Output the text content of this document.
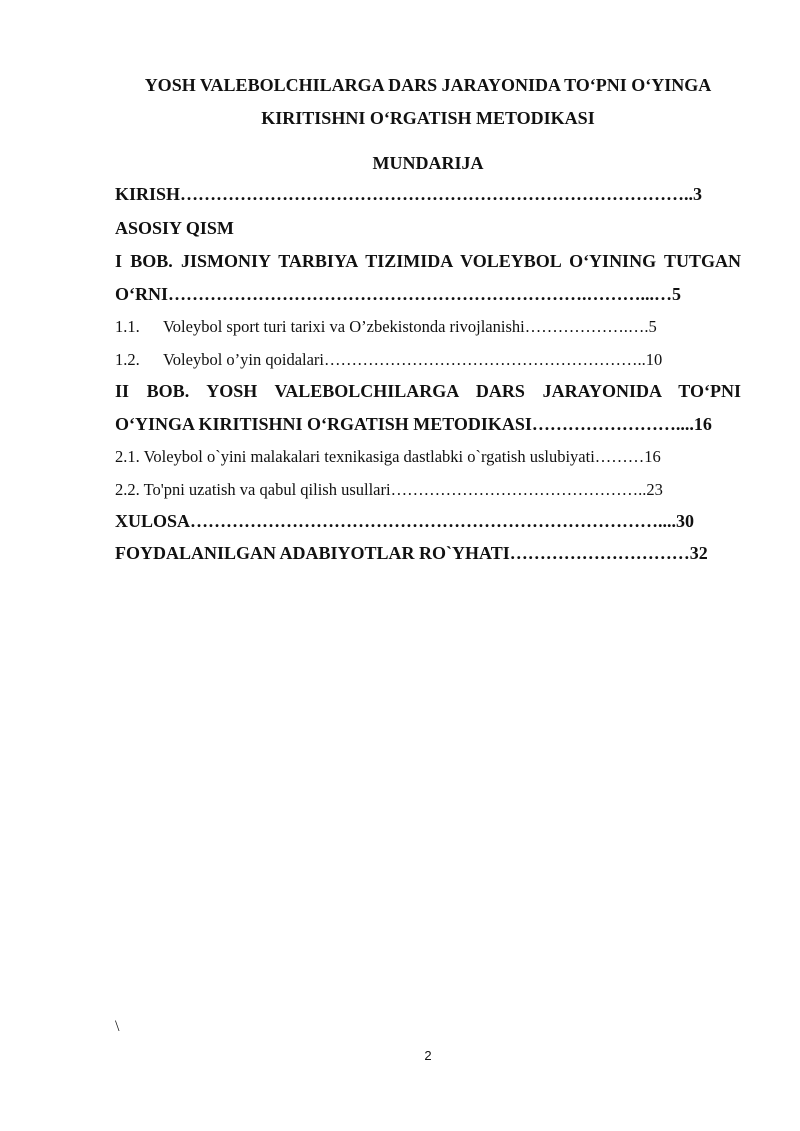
YOSH VALEBOLCHILARGA DARS JARAYONIDA TO‘PNI O‘YINGA
KIRITISHNI O‘RGATISH METODIKASI
MUNDARIJA
KIRISH…………………………………………………………………………..3
ASOSIY QISM
I BOB. JISMONIY TARBIYA TIZIMIDA VOLEYBOL O‘YINING TUTGAN
O‘RNI…………………………………………………………….………...…5
1.1. Voleybol sport turi tarixi va O’zbekistonda rivojlanishi……………….….5
1.2. Voleybol o’yin qoidalari…………………………………………………..10
II BOB. YOSH VALEBOLCHILARGA DARS JARAYONIDA TO‘PNI
O‘YINGA KIRITISHNI O‘RGATISH METODIKASI……………………....16
2.1. Voleybol o`yini malakalari texnikasiga dastlabki o`rgatish uslubiyati………16
2.2. To'pni uzatish va qabul qilish usullari………………………………………..23
XULOSA……………………………………………………………………....30
FOYDALANILGAN ADABIYOTLAR RO`YHATI…………………………32
\
2
